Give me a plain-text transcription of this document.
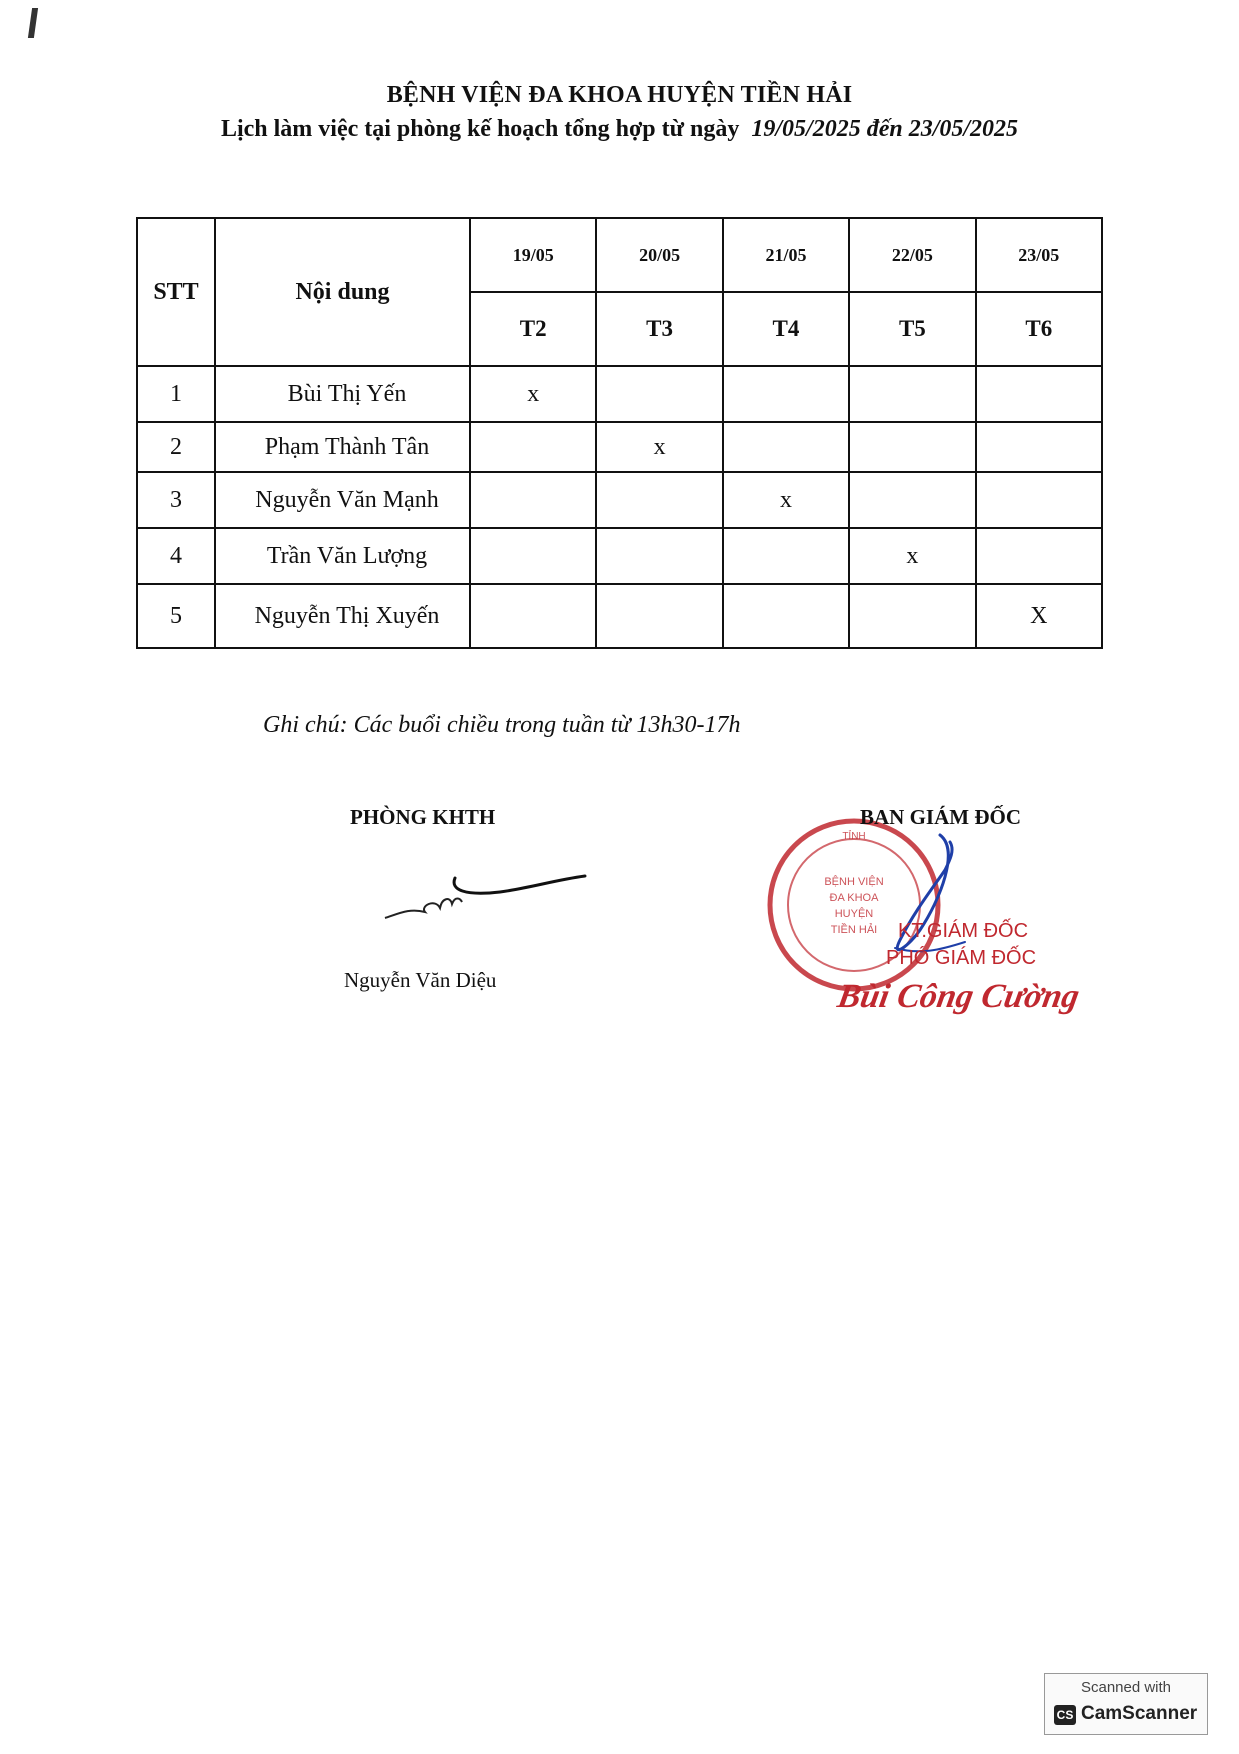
BỆNH VIỆN ĐA KHOA HUYỆN TIỀN HẢI
Lịch làm việc tại phòng kế hoạch tổng hợp từ ngày 19/05/2025 đến 23/05/2025
STT	Nội dung	19/05	20/05	21/05	22/05	23/05
		T2	T3	T4	T5	T6
1	Bùi Thị Yến	x				
2	Phạm Thành Tân		x			
3	Nguyễn Văn Mạnh			x		
4	Trần Văn Lượng				x	
5	Nguyễn Thị Xuyến					X
Ghi chú: Các buổi chiều trong tuần từ 13h30-17h
PHÒNG KHTH
Nguyễn Văn Diệu
BỆNH VIỆN
ĐA KHOA
HUYỆN
TIỀN HẢI
TỈNH
BAN GIÁM ĐỐC
KT.GIÁM ĐỐC
PHÓ GIÁM ĐỐC
Bùi Công Cường
Scanned with
CS CamScanner
